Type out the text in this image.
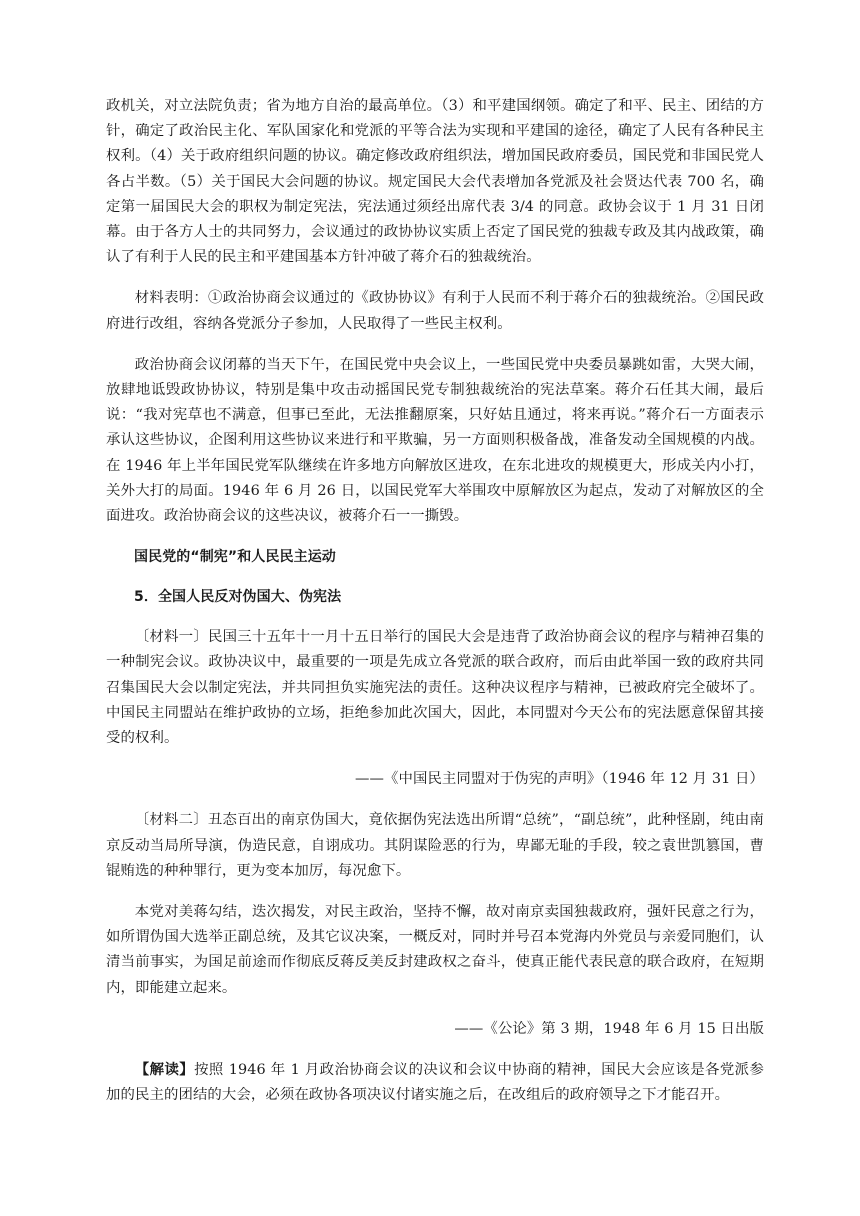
政机关，对立法院负责；省为地方自治的最高单位。（3）和平建国纲领。确定了和平、民主、团结的方针，确定了政治民主化、军队国家化和党派的平等合法为实现和平建国的途径，确定了人民有各种民主权利。（4）关于政府组织问题的协议。确定修改政府组织法，增加国民政府委员，国民党和非国民党人各占半数。（5）关于国民大会问题的协议。规定国民大会代表增加各党派及社会贤达代表 700 名，确定第一届国民大会的职权为制定宪法，宪法通过须经出席代表 3/4 的同意。政协会议于 1 月 31 日闭幕。由于各方人士的共同努力，会议通过的政协协议实质上否定了国民党的独裁专政及其内战政策，确认了有利于人民的民主和平建国基本方针冲破了蒋介石的独裁统治。

材料表明：①政治协商会议通过的《政协协议》有利于人民而不利于蒋介石的独裁统治。②国民政府进行改组，容纳各党派分子参加，人民取得了一些民主权利。

政治协商会议闭幕的当天下午，在国民党中央会议上，一些国民党中央委员暴跳如雷，大哭大闹，放肆地诋毁政协协议，特别是集中攻击动摇国民党专制独裁统治的宪法草案。蒋介石任其大闹，最后说：“我对宪草也不满意，但事已至此，无法推翻原案，只好姑且通过，将来再说。”蒋介石一方面表示承认这些协议，企图利用这些协议来进行和平欺骗，另一方面则积极备战，准备发动全国规模的内战。在 1946 年上半年国民党军队继续在许多地方向解放区进攻，在东北进攻的规模更大，形成关内小打，关外大打的局面。1946 年 6 月 26 日，以国民党军大举围攻中原解放区为起点，发动了对解放区的全面进攻。政治协商会议的这些决议，被蒋介石一一撕毁。

国民党的“制宪”和人民民主运动

5．全国人民反对伪国大、伪宪法

〔材料一〕民国三十五年十一月十五日举行的国民大会是违背了政治协商会议的程序与精神召集的一种制宪会议。政协决议中，最重要的一项是先成立各党派的联合政府，而后由此举国一致的政府共同召集国民大会以制定宪法，并共同担负实施宪法的责任。这种决议程序与精神，已被政府完全破坏了。中国民主同盟站在维护政协的立场，拒绝参加此次国大，因此，本同盟对今天公布的宪法愿意保留其接受的权利。

——《中国民主同盟对于伪宪的声明》（1946 年 12 月 31 日）

〔材料二〕丑态百出的南京伪国大，竟依据伪宪法选出所谓“总统”，“副总统”，此种怪剧，纯由南京反动当局所导演，伪造民意，自诩成功。其阴谋险恶的行为，卑鄙无耻的手段，较之袁世凯篡国，曹锟贿选的种种罪行，更为变本加厉，每况愈下。

本党对美蒋勾结，迭次揭发，对民主政治，坚持不懈，故对南京卖国独裁政府，强奸民意之行为，如所谓伪国大选举正副总统，及其它议决案，一概反对，同时并号召本党海内外党员与亲爱同胞们，认清当前事实，为国足前途而作彻底反蒋反美反封建政权之奋斗，使真正能代表民意的联合政府，在短期内，即能建立起来。

——《公论》第 3 期，1948 年 6 月 15 日出版

【解读】按照 1946 年 1 月政治协商会议的决议和会议中协商的精神，国民大会应该是各党派参加的民主的团结的大会，必须在政协各项决议付诸实施之后，在改组后的政府领导之下才能召开。
